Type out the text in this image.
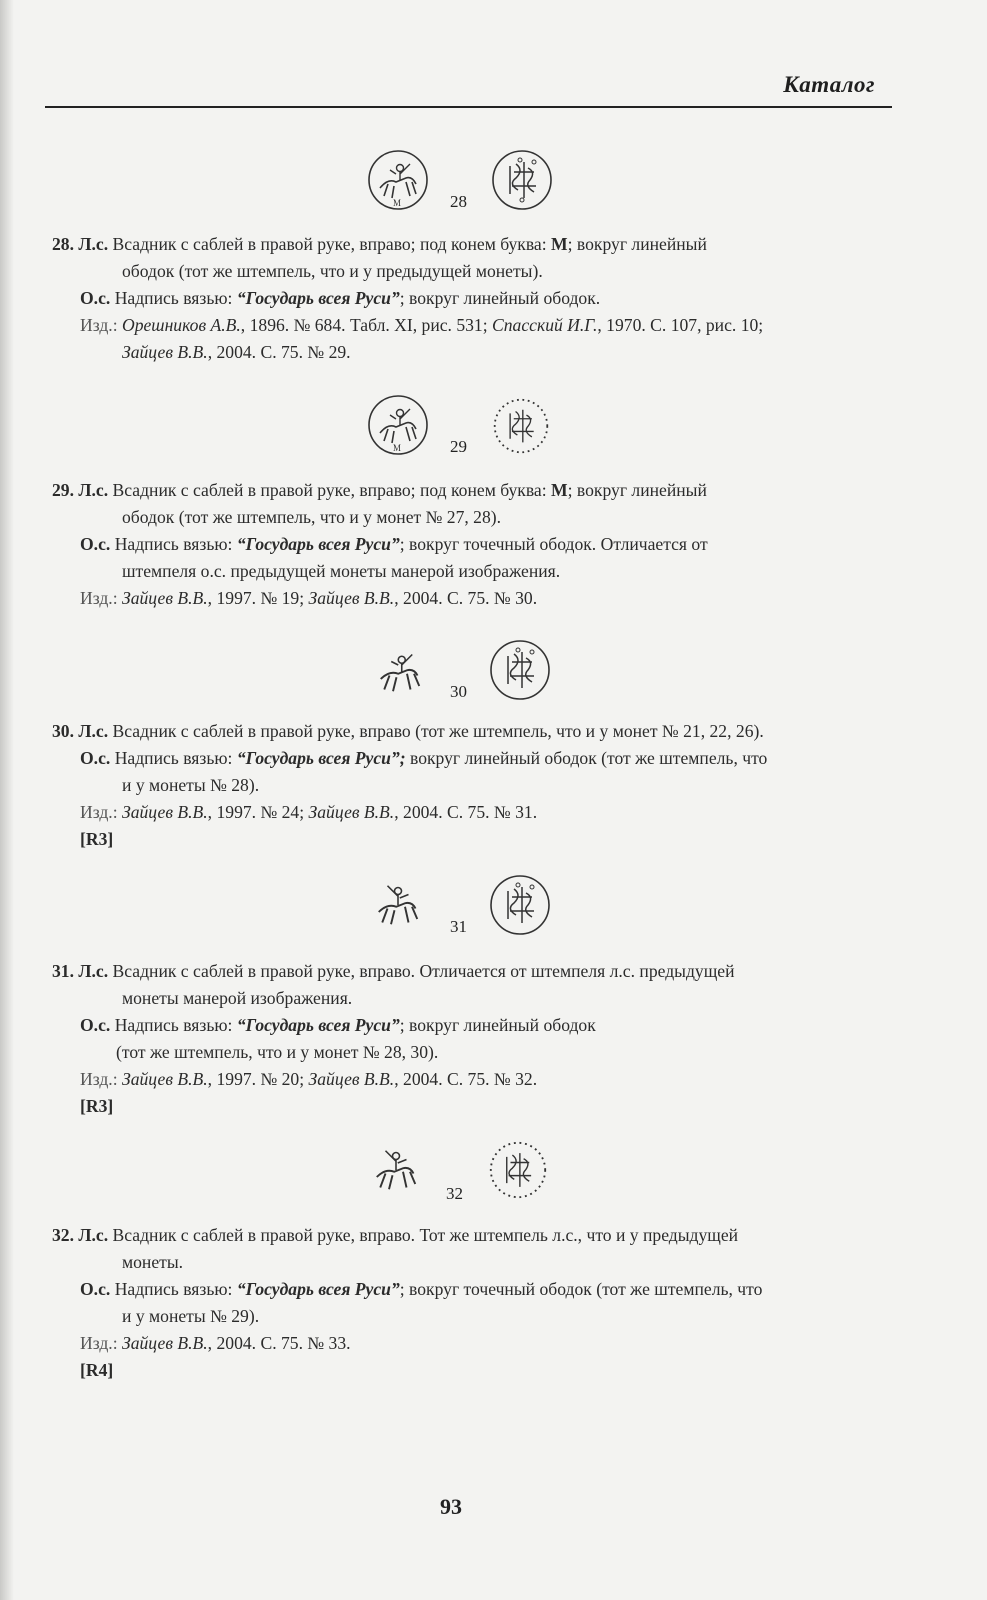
Каталог
M	28
28. Л.с. Всадник с саблей в правой руке, вправо; под конем буква: М; вокруг линейный
ободок (тот же штемпель, что и у предыдущей монеты).
О.с. Надпись вязью: “Государь всея Руси”; вокруг линейный ободок.
Изд.: Орешников А.В., 1896. № 684. Табл. XI, рис. 531; Спасский И.Г., 1970. С. 107, рис. 10;
Зайцев В.В., 2004. С. 75. № 29.
M	29
29. Л.с. Всадник с саблей в правой руке, вправо; под конем буква: М; вокруг линейный
ободок (тот же штемпель, что и у монет № 27, 28).
О.с. Надпись вязью: “Государь всея Руси”; вокруг точечный ободок. Отличается от
штемпеля о.с. предыдущей монеты манерой изображения.
Изд.: Зайцев В.В., 1997. № 19; Зайцев В.В., 2004. С. 75. № 30.
30
30. Л.с. Всадник с саблей в правой руке, вправо (тот же штемпель, что и у монет № 21, 22, 26).
О.с. Надпись вязью: “Государь всея Руси”; вокруг линейный ободок (тот же штемпель, что
и у монеты № 28).
Изд.: Зайцев В.В., 1997. № 24; Зайцев В.В., 2004. С. 75. № 31.
[R3]
31
31. Л.с. Всадник с саблей в правой руке, вправо. Отличается от штемпеля л.с. предыдущей
монеты манерой изображения.
О.с. Надпись вязью: “Государь всея Руси”; вокруг линейный ободок
(тот же штемпель, что и у монет № 28, 30).
Изд.: Зайцев В.В., 1997. № 20; Зайцев В.В., 2004. С. 75. № 32.
[R3]
32
32. Л.с. Всадник с саблей в правой руке, вправо. Тот же штемпель л.с., что и у предыдущей
монеты.
О.с. Надпись вязью: “Государь всея Руси”; вокруг точечный ободок (тот же штемпель, что
и у монеты № 29).
Изд.: Зайцев В.В., 2004. С. 75. № 33.
[R4]
93
